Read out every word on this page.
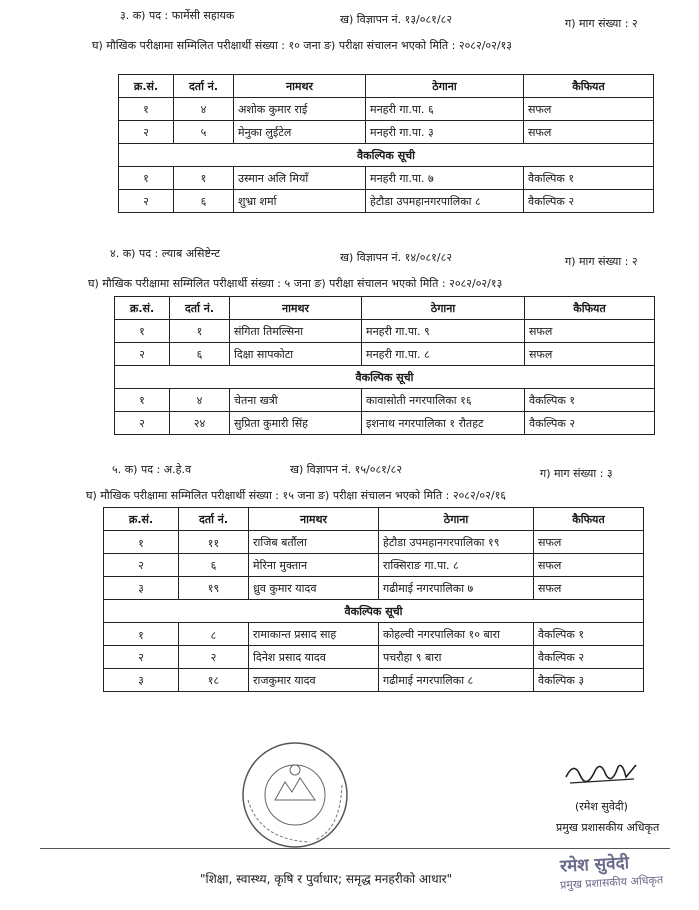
३. क) पद : फार्मेसी सहायक	ख) विज्ञापन नं. १३/०८१/८२	ग) माग संख्या : २
घ) मौखिक परीक्षामा सम्मिलित परीक्षार्थी संख्या : १० जना ङ) परीक्षा संचालन भएको मिति : २०८२/०२/१३
क्र.सं.	दर्ता नं.	नामथर	ठेगाना	कैफियत
१	४	अशोक कुमार राई	मनहरी गा.पा. ६	सफल
२	५	मेनुका लुईटेल	मनहरी गा.पा. ३	सफल
वैकल्पिक सूची				
१	१	उस्मान अलि मियाँ	मनहरी गा.पा. ७	वैकल्पिक १
२	६	शुभ्रा शर्मा	हेटौडा उपमहानगरपालिका ८	वैकल्पिक २
४. क) पद : ल्याब असिष्टेन्ट	ख) विज्ञापन नं. १४/०८१/८२	ग) माग संख्या : २
घ) मौखिक परीक्षामा सम्मिलित परीक्षार्थी संख्या : ५ जना ङ) परीक्षा संचालन भएको मिति : २०८२/०२/१३
क्र.सं.	दर्ता नं.	नामथर	ठेगाना	कैफियत
१	१	संगिता तिमल्सिना	मनहरी गा.पा. ९	सफल
२	६	दिक्षा सापकोटा	मनहरी गा.पा. ८	सफल
वैकल्पिक सूची				
१	४	चेतना खत्री	कावासोती नगरपालिका १६	वैकल्पिक १
२	२४	सुप्रिता कुमारी सिंह	इशनाथ नगरपालिका १ रौतहट	वैकल्पिक २
५. क) पद : अ.हे.व	ख) विज्ञापन नं. १५/०८१/८२	ग) माग संख्या : ३
घ) मौखिक परीक्षामा सम्मिलित परीक्षार्थी संख्या : १५ जना ङ) परीक्षा संचालन भएको मिति : २०८२/०२/१६
क्र.सं.	दर्ता नं.	नामथर	ठेगाना	कैफियत
१	११	राजिब बर्तौला	हेटौडा उपमहानगरपालिका १९	सफल
२	६	मेरिना मुक्तान	राक्सिराङ गा.पा. ८	सफल
३	१९	ध्रुव कुमार यादव	गढीमाई नगरपालिका ७	सफल
वैकल्पिक सूची				
१	८	रामाकान्त प्रसाद साह	कोहल्वी नगरपालिका १० बारा	वैकल्पिक १
२	२	दिनेश प्रसाद यादव	पचरौहा ९ बारा	वैकल्पिक २
३	१८	राजकुमार यादव	गढीमाई नगरपालिका ८	वैकल्पिक ३
(रमेश सुवेदी)
प्रमुख प्रशासकीय अधिकृत
"शिक्षा, स्वास्थ्य, कृषि र पुर्वाधार; समृद्ध मनहरीको आधार"
रमेश सुवेदी
प्रमुख प्रशासकीय अधिकृत
